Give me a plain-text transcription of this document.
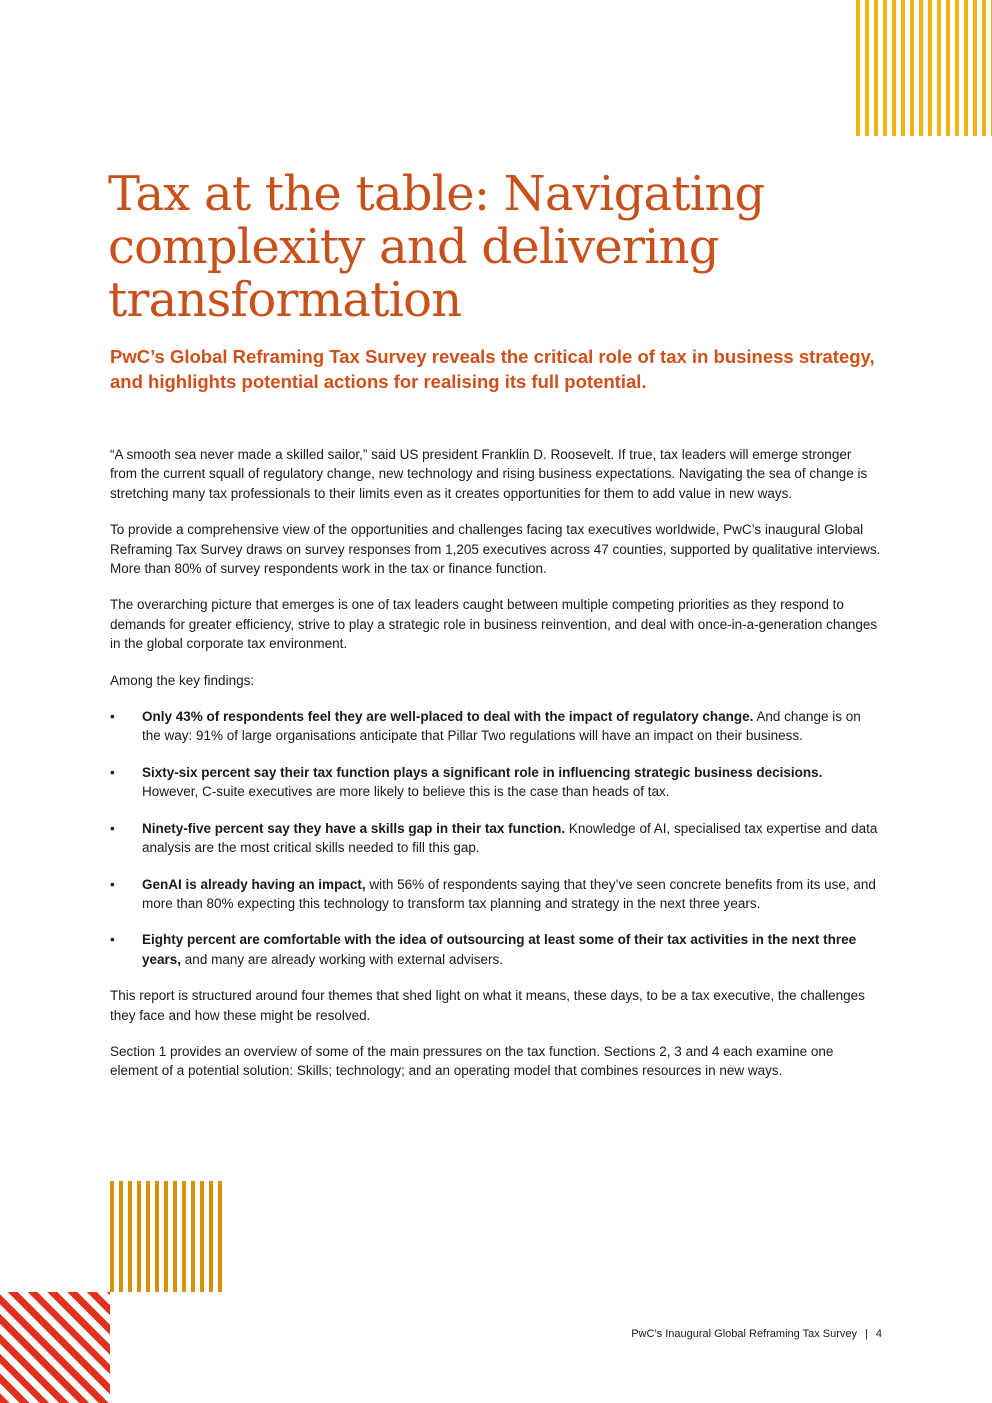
Tax at the table: Navigating complexity and delivering transformation
PwC’s Global Reframing Tax Survey reveals the critical role of tax in business strategy, and highlights potential actions for realising its full potential.

“A smooth sea never made a skilled sailor,” said US president Franklin D. Roosevelt. If true, tax leaders will emerge stronger from the current squall of regulatory change, new technology and rising business expectations. Navigating the sea of change is stretching many tax professionals to their limits even as it creates opportunities for them to add value in new ways.

To provide a comprehensive view of the opportunities and challenges facing tax executives worldwide, PwC’s inaugural Global Reframing Tax Survey draws on survey responses from 1,205 executives across 47 counties, supported by qualitative interviews. More than 80% of survey respondents work in the tax or finance function.

The overarching picture that emerges is one of tax leaders caught between multiple competing priorities as they respond to demands for greater efficiency, strive to play a strategic role in business reinvention, and deal with once-in-a-generation changes in the global corporate tax environment.

Among the key findings:

• Only 43% of respondents feel they are well-placed to deal with the impact of regulatory change. And change is on the way: 91% of large organisations anticipate that Pillar Two regulations will have an impact on their business.
• Sixty-six percent say their tax function plays a significant role in influencing strategic business decisions. However, C-suite executives are more likely to believe this is the case than heads of tax.
• Ninety-five percent say they have a skills gap in their tax function. Knowledge of AI, specialised tax expertise and data analysis are the most critical skills needed to fill this gap.
• GenAI is already having an impact, with 56% of respondents saying that they’ve seen concrete benefits from its use, and more than 80% expecting this technology to transform tax planning and strategy in the next three years.
• Eighty percent are comfortable with the idea of outsourcing at least some of their tax activities in the next three years, and many are already working with external advisers.

This report is structured around four themes that shed light on what it means, these days, to be a tax executive, the challenges they face and how these might be resolved.

Section 1 provides an overview of some of the main pressures on the tax function. Sections 2, 3 and 4 each examine one element of a potential solution: Skills; technology; and an operating model that combines resources in new ways.

PwC’s Inaugural Global Reframing Tax Survey | 4
